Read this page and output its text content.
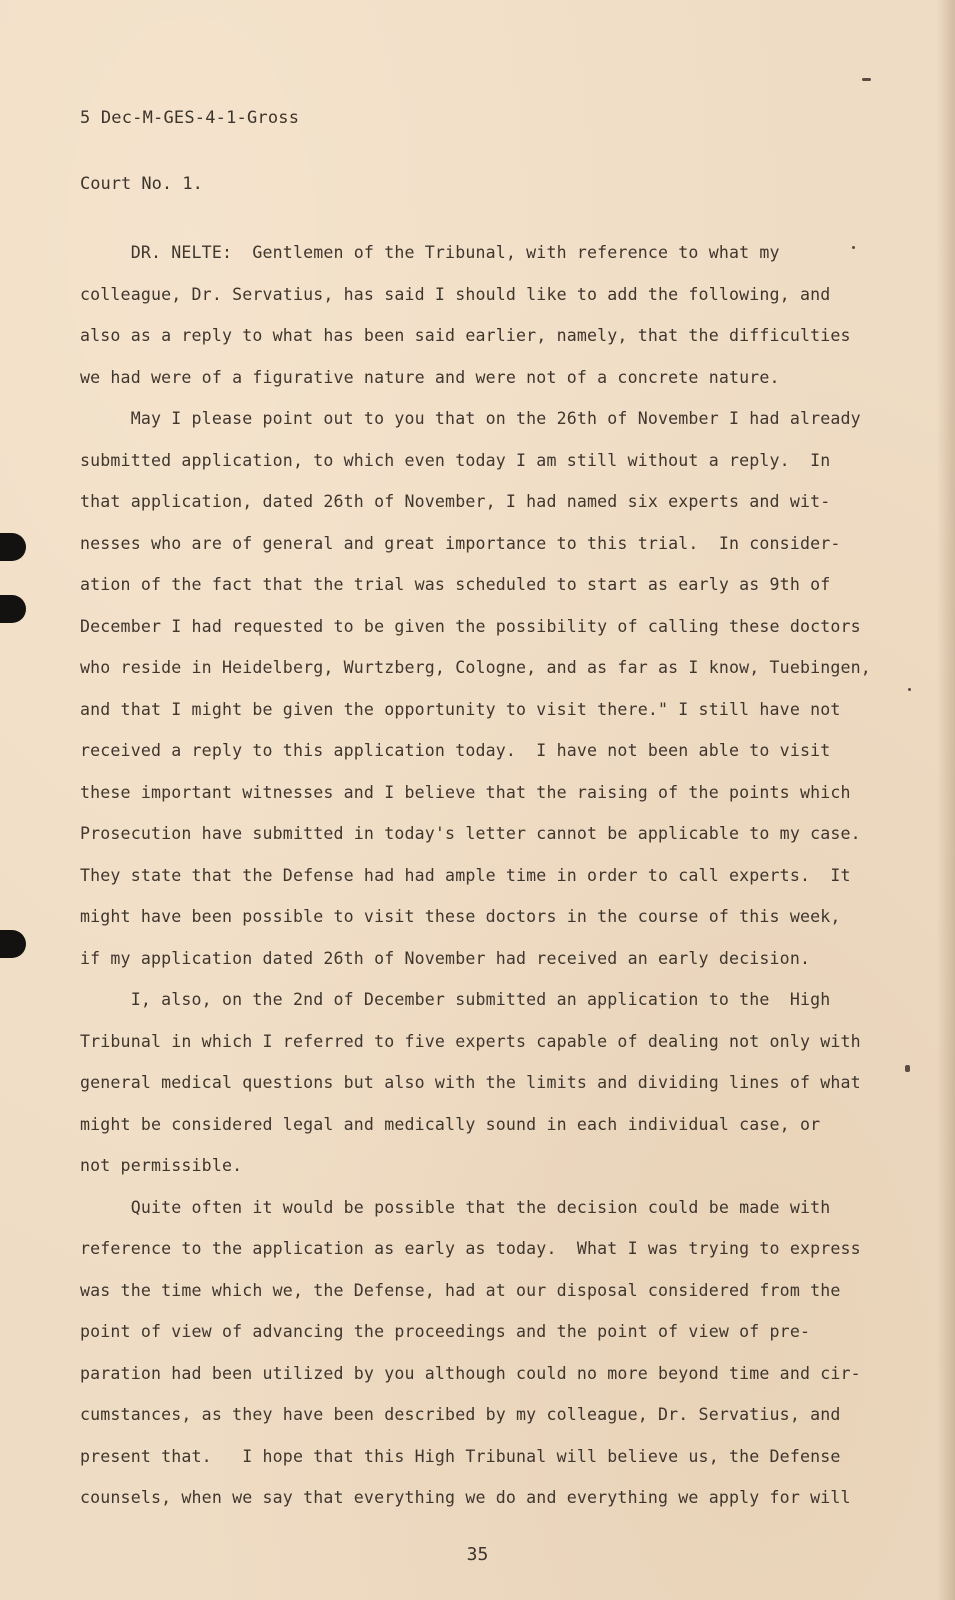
5 Dec-M-GES-4-1-Gross
Court No. 1.
DR. NELTE:  Gentlemen of the Tribunal, with reference to what my
colleague, Dr. Servatius, has said I should like to add the following, and
also as a reply to what has been said earlier, namely, that the difficulties
we had were of a figurative nature and were not of a concrete nature.
May I please point out to you that on the 26th of November I had already
submitted application, to which even today I am still without a reply.  In
that application, dated 26th of November, I had named six experts and wit-
nesses who are of general and great importance to this trial.  In consider-
ation of the fact that the trial was scheduled to start as early as 9th of
December I had requested to be given the possibility of calling these doctors
who reside in Heidelberg, Wurtzberg, Cologne, and as far as I know, Tuebingen,
and that I might be given the opportunity to visit there." I still have not
received a reply to this application today.  I have not been able to visit
these important witnesses and I believe that the raising of the points which
Prosecution have submitted in today's letter cannot be applicable to my case.
They state that the Defense had had ample time in order to call experts.  It
might have been possible to visit these doctors in the course of this week,
if my application dated 26th of November had received an early decision.
I, also, on the 2nd of December submitted an application to the  High
Tribunal in which I referred to five experts capable of dealing not only with
general medical questions but also with the limits and dividing lines of what
might be considered legal and medically sound in each individual case, or
not permissible.
Quite often it would be possible that the decision could be made with
reference to the application as early as today.  What I was trying to express
was the time which we, the Defense, had at our disposal considered from the
point of view of advancing the proceedings and the point of view of pre-
paration had been utilized by you although could no more beyond time and cir-
cumstances, as they have been described by my colleague, Dr. Servatius, and
present that.   I hope that this High Tribunal will believe us, the Defense
counsels, when we say that everything we do and everything we apply for will
35
